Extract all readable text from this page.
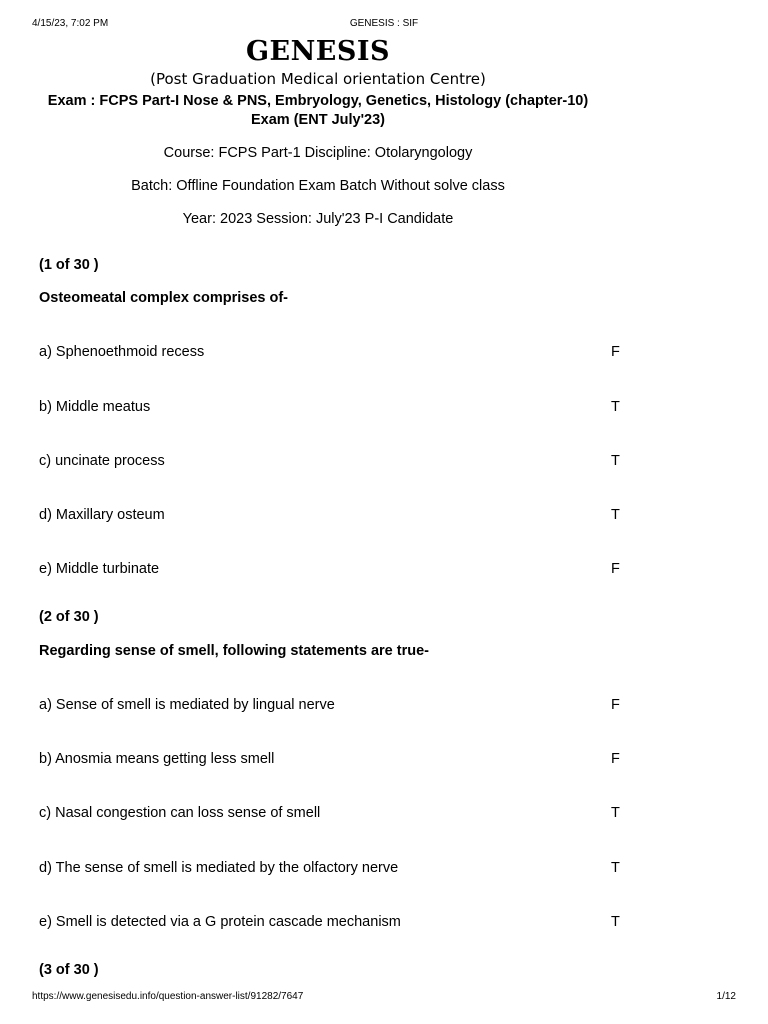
4/15/23, 7:02 PM	GENESIS : SIF
GENESIS
(Post Graduation Medical orientation Centre)
Exam : FCPS Part-I Nose & PNS, Embryology, Genetics, Histology (chapter-10)
Exam (ENT July'23)
Course: FCPS Part-1 Discipline: Otolaryngology
Batch: Offline Foundation Exam Batch Without solve class
Year: 2023 Session: July'23 P-I Candidate
(1 of 30 )
Osteomeatal complex comprises of-
a) Sphenoethmoid recess	F
b) Middle meatus	T
c) uncinate process	T
d) Maxillary osteum	T
e) Middle turbinate	F
(2 of 30 )
Regarding sense of smell, following statements are true-
a) Sense of smell is mediated by lingual nerve	F
b) Anosmia means getting less smell	F
c) Nasal congestion can loss sense of smell	T
d) The sense of smell is mediated by the olfactory nerve	T
e) Smell is detected via a G protein cascade mechanism	T
(3 of 30 )
https://www.genesisedu.info/question-answer-list/91282/7647	1/12
